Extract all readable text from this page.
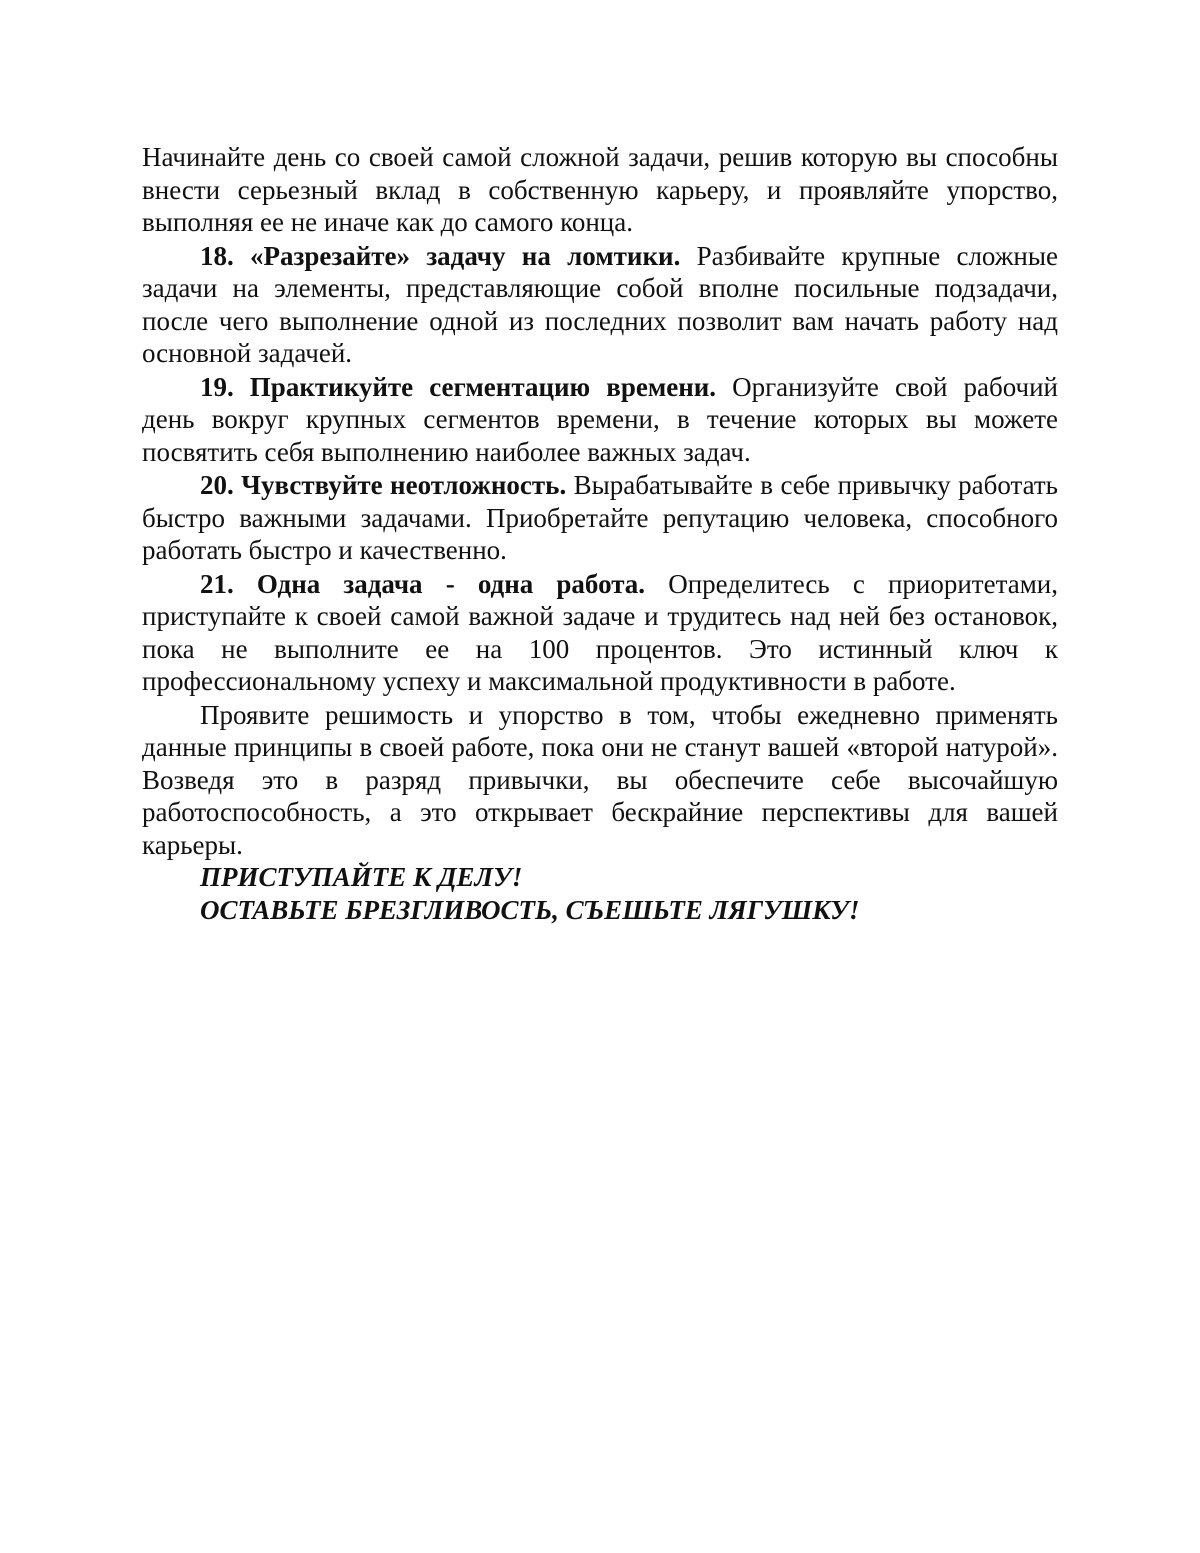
Начинайте день со своей самой сложной задачи, решив которую вы способны внести серьезный вклад в собственную карьеру, и проявляйте упорство, выполняя ее не иначе как до самого конца.

18. «Разрезайте» задачу на ломтики. Разбивайте крупные сложные задачи на элементы, представляющие собой вполне посильные подзадачи, после чего выполнение одной из последних позволит вам начать работу над основной задачей.

19. Практикуйте сегментацию времени. Организуйте свой рабочий день вокруг крупных сегментов времени, в течение которых вы можете посвятить себя выполнению наиболее важных задач.

20. Чувствуйте неотложность. Вырабатывайте в себе привычку работать быстро важными задачами. Приобретайте репутацию человека, способного работать быстро и качественно.

21. Одна задача - одна работа. Определитесь с приоритетами, приступайте к своей самой важной задаче и трудитесь над ней без остановок, пока не выполните ее на 100 процентов. Это истинный ключ к профессиональному успеху и максимальной продуктивности в работе.

Проявите решимость и упорство в том, чтобы ежедневно применять данные принципы в своей работе, пока они не станут вашей «второй натурой». Возведя это в разряд привычки, вы обеспечите себе высочайшую работоспособность, а это открывает бескрайние перспективы для вашей карьеры.

ПРИСТУПАЙТЕ К ДЕЛУ!

ОСТАВЬТЕ БРЕЗГЛИВОСТЬ, СЪЕШЬТЕ ЛЯГУШКУ!
